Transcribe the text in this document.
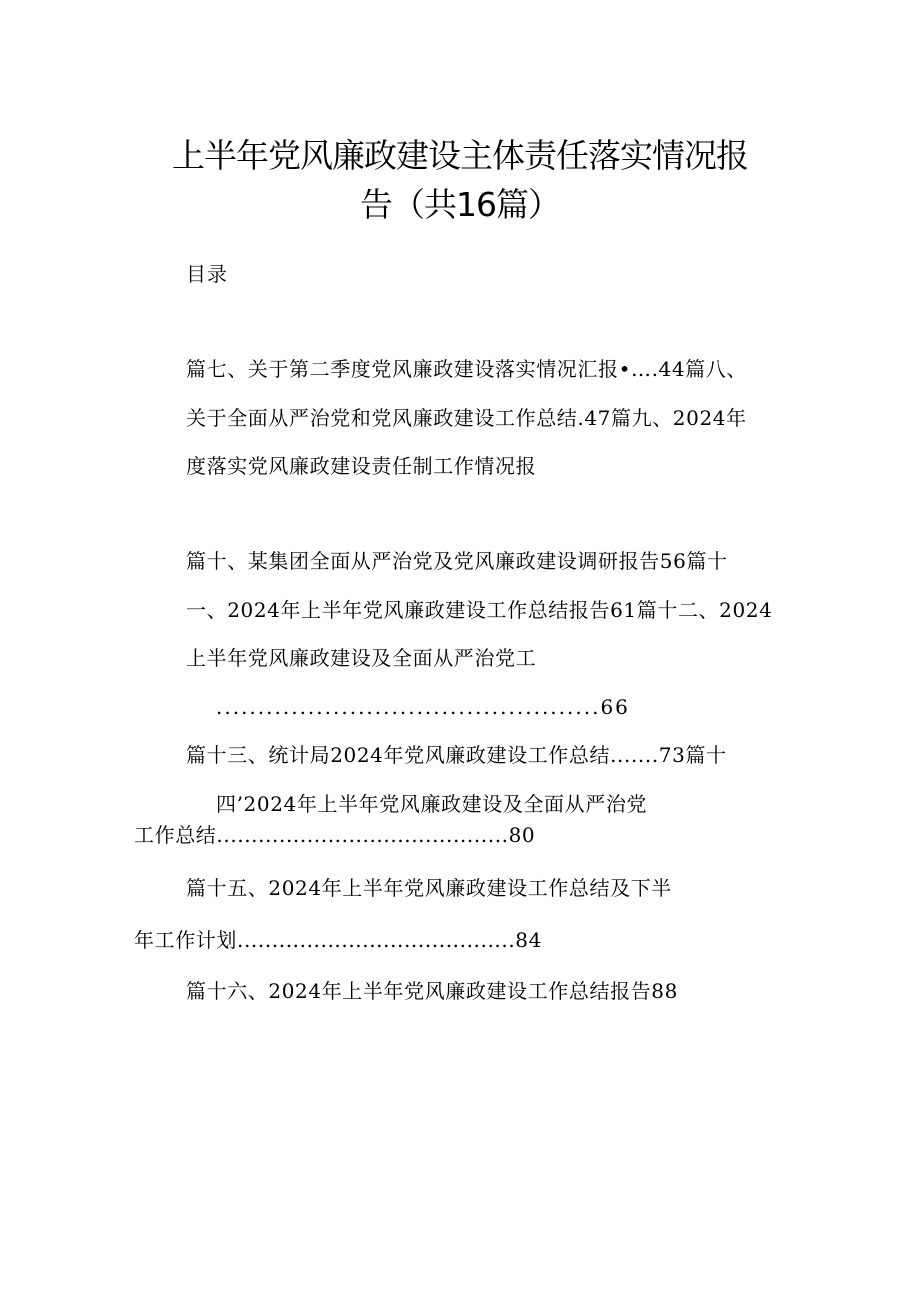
上半年党风廉政建设主体责任落实情况报
告（共16篇）
目录
篇七、关于第二季度党风廉政建设落实情况汇报•….44篇八、
关于全面从严治党和党风廉政建设工作总结.47篇九、2024年
度落实党风廉政建设责任制工作情况报
篇十、某集团全面从严治党及党风廉政建设调研报告56篇十
一、2024年上半年党风廉政建设工作总结报告61篇十二、2024
上半年党风廉政建设及全面从严治党工
..............................................66
篇十三、统计局2024年党风廉政建设工作总结.......73篇十
四’2024年上半年党风廉政建设及全面从严治党
工作总结..........................................80
篇十五、2024年上半年党风廉政建设工作总结及下半
年工作计划........................................84
篇十六、2024年上半年党风廉政建设工作总结报告88
